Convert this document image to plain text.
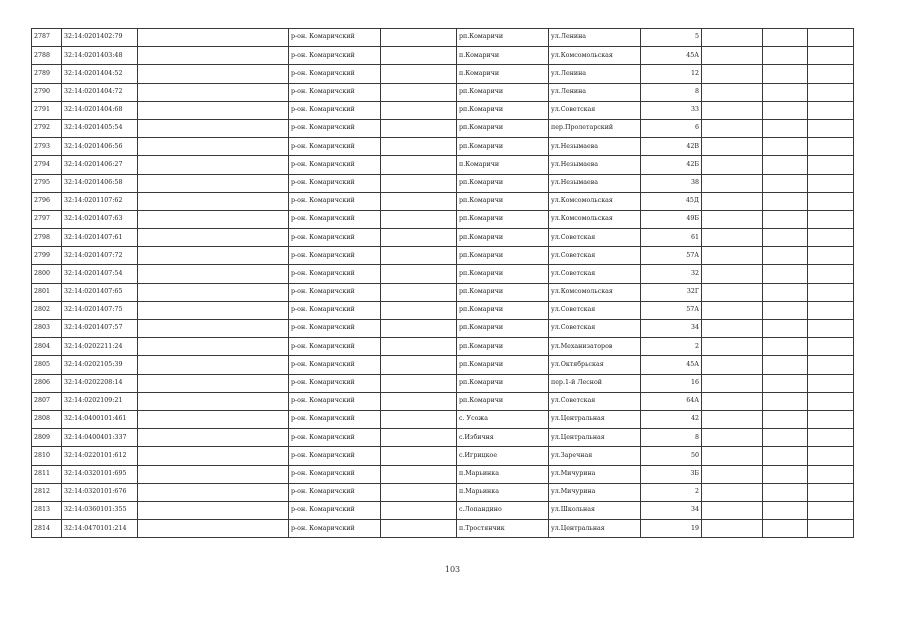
2787	32:14:0201402:79		р-он. Комаричский		рп.Комаричи	ул.Ленина	5			
2788	32:14:0201403:48		р-он. Комаричский		п.Комаричи	ул.Комсомольская	45А			
2789	32:14:0201404:52		р-он. Комаричский		п.Комаричи	ул.Ленина	12			
2790	32:14:0201404:72		р-он. Комаричский		рп.Комаричи	ул.Ленина	8			
2791	32:14:0201404:68		р-он. Комаричский		рп.Комаричи	ул.Советская	33			
2792	32:14:0201405:54		р-он. Комаричский		рп.Комаричи	пер.Пролетарский	6			
2793	32:14:0201406:56		р-он. Комаричский		рп.Комаричи	ул.Незымаева	42В			
2794	32:14:0201406:27		р-он. Комаричский		п.Комаричи	ул.Незымаева	42Б			
2795	32:14:0201406:58		р-он. Комаричский		рп.Комаричи	ул.Незымаева	38			
2796	32:14:0201107:62		р-он. Комаричский		рп.Комаричи	ул.Комсомольская	45Д			
2797	32:14:0201407:63		р-он. Комаричский		рп.Комаричи	ул.Комсомольская	49Б			
2798	32:14:0201407:61		р-он. Комаричский		рп.Комаричи	ул.Советская	61			
2799	32:14:0201407:72		р-он. Комаричский		рп.Комаричи	ул.Советская	57А			
2800	32:14:0201407:54		р-он. Комаричский		рп.Комаричи	ул.Советская	32			
2801	32:14:0201407:65		р-он. Комаричский		рп.Комаричи	ул.Комсомольская	32Г			
2802	32:14:0201407:75		р-он. Комаричский		рп.Комаричи	ул.Советская	57А			
2803	32:14:0201407:57		р-он. Комаричский		рп.Комаричи	ул.Советская	34			
2804	32:14:0202211:24		р-он. Комаричский		рп.Комаричи	ул.Механизаторов	2			
2805	32:14:0202105:39		р-он. Комаричский		рп.Комаричи	ул.Октябрьская	45А			
2806	32:14:0202208:14		р-он. Комаричский		рп.Комаричи	пер.1-й Лесной	16			
2807	32:14:0202109:21		р-он. Комаричский		рп.Комаричи	ул.Советская	64А			
2808	32:14:0400101:461		р-он. Комаричский		с. Усожа	ул.Центральная	42			
2809	32:14:0400401:337		р-он. Комаричский		с.Избичня	ул.Центральная	8			
2810	32:14:0220101:612		р-он. Комаричский		с.Игрицкое	ул.Заречная	50			
2811	32:14:0320101:695		р-он. Комаричский		п.Марьинка	ул.Мичурина	3Б			
2812	32:14:0320101:676		р-он. Комаричский		п.Марьинка	ул.Мичурина	2			
2813	32:14:0360101:355		р-он. Комаричский		с.Лопандино	ул.Школьная	34			
2814	32:14:0470101:214		р-он. Комаричский		п.Тростянчик	ул.Центральная	19			
103
